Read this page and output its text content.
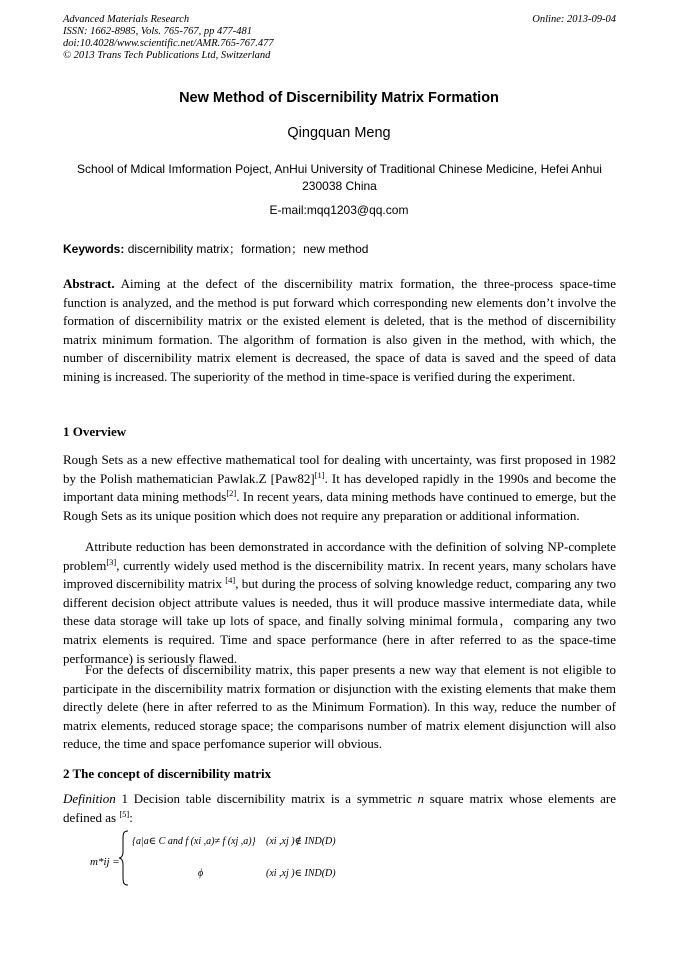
Advanced Materials Research
ISSN: 1662-8985, Vols. 765-767, pp 477-481
doi:10.4028/www.scientific.net/AMR.765-767.477
© 2013 Trans Tech Publications Ltd, Switzerland
Online: 2013-09-04
New Method of Discernibility Matrix Formation
Qingquan Meng
School of Mdical Imformation Poject, AnHui University of Traditional Chinese Medicine, Hefei Anhui 230038 China
E-mail:mqq1203@qq.com
Keywords: discernibility matrix；formation；new method
Abstract. Aiming at the defect of the discernibility matrix formation, the three-process space-time function is analyzed, and the method is put forward which corresponding new elements don’t involve the formation of discernibility matrix or the existed element is deleted, that is the method of discernibility matrix minimum formation. The algorithm of formation is also given in the method, with which, the number of discernibility matrix element is decreased, the space of data is saved and the speed of data mining is increased. The superiority of the method in time-space is verified during the experiment.
1 Overview
Rough Sets as a new effective mathematical tool for dealing with uncertainty, was first proposed in 1982 by the Polish mathematician Pawlak.Z [Paw82][1]. It has developed rapidly in the 1990s and become the important data mining methods[2]. In recent years, data mining methods have continued to emerge, but the Rough Sets as its unique position which does not require any preparation or additional information.
Attribute reduction has been demonstrated in accordance with the definition of solving NP-complete problem[3], currently widely used method is the discernibility matrix. In recent years, many scholars have improved discernibility matrix [4], but during the process of solving knowledge reduct, comparing any two different decision object attribute values is needed, thus it will produce massive intermediate data, while these data storage will take up lots of space, and finally solving minimal formula，comparing any two matrix elements is required. Time and space performance (here in after referred to as the space-time performance) is seriously flawed.
For the defects of discernibility matrix, this paper presents a new way that element is not eligible to participate in the discernibility matrix formation or disjunction with the existing elements that make them directly delete (here in after referred to as the Minimum Formation). In this way, reduce the number of matrix elements, reduced storage space; the comparisons number of matrix element disjunction will also reduce, the time and space perfomance superior will obvious.
2 The concept of discernibility matrix
Definition 1 Decision table discernibility matrix is a symmetric n square matrix whose elements are defined as [5]:
m*ij =
{a|a∈ C and f (xi ,a)≠ f (xj ,a)} (xi ,xj )∉ IND(D)
ϕ	(xi ,xj )∈ IND(D)
